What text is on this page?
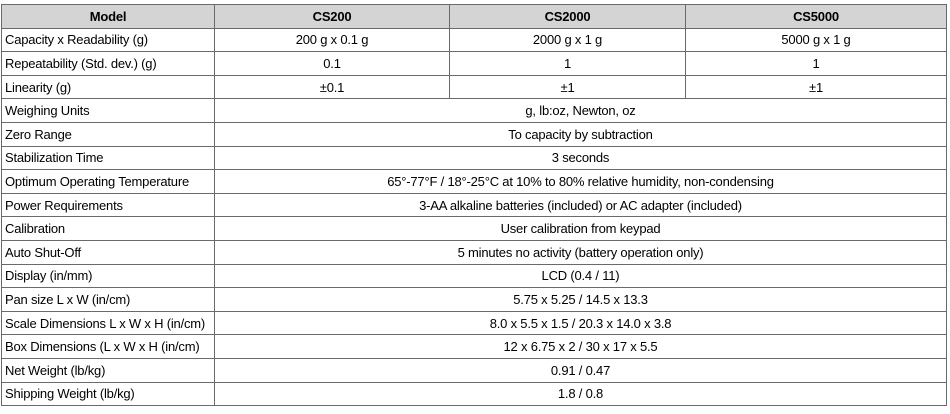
Model	CS200	CS2000	CS5000
Capacity x Readability (g)	200 g x 0.1 g	2000 g x 1 g	5000 g x 1 g
Repeatability (Std. dev.) (g)	0.1	1	1
Linearity (g)	±0.1	±1	±1
Weighing Units	g, lb:oz, Newton, oz		
Zero Range	To capacity by subtraction		
Stabilization Time	3 seconds		
Optimum Operating Temperature	65°-77°F / 18°-25°C at 10% to 80% relative humidity, non-condensing		
Power Requirements	3-AA alkaline batteries (included) or AC adapter (included)		
Calibration	User calibration from keypad		
Auto Shut-Off	5 minutes no activity (battery operation only)		
Display (in/mm)	LCD (0.4 / 11)		
Pan size L x W (in/cm)	5.75 x 5.25 / 14.5 x 13.3		
Scale Dimensions L x W x H (in/cm)	8.0 x 5.5 x 1.5 / 20.3 x 14.0 x 3.8		
Box Dimensions (L x W x H (in/cm)	12 x 6.75 x 2 / 30 x 17 x 5.5		
Net Weight (lb/kg)	0.91 / 0.47		
Shipping Weight (lb/kg)	1.8 / 0.8		
